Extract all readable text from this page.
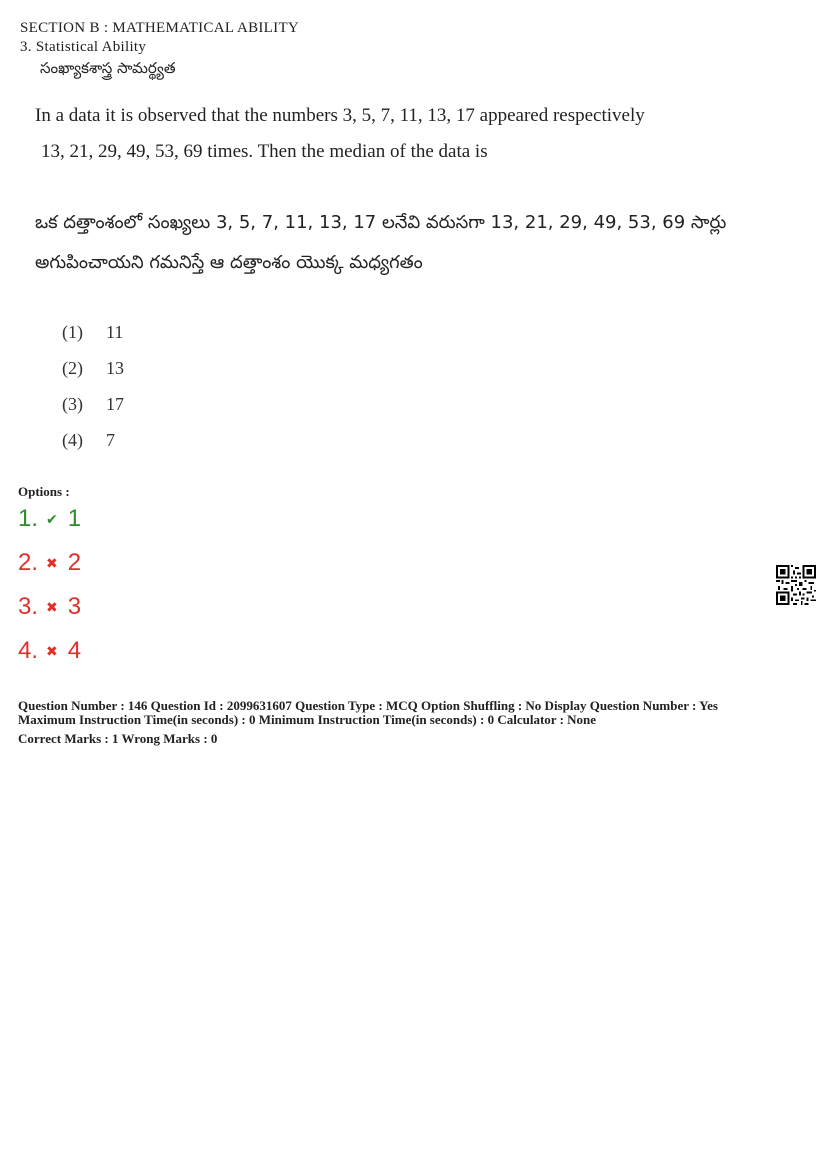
SECTION B : MATHEMATICAL ABILITY
3. Statistical Ability
సంఖ్యాకశాస్త్ర సామర్థ్యత
In a data it is observed that the numbers 3, 5, 7, 11, 13, 17 appeared respectively
13, 21, 29, 49, 53, 69 times. Then the median of the data is
ఒక దత్తాంశంలో సంఖ్యలు 3, 5, 7, 11, 13, 17 లనేవి వరుసగా 13, 21, 29, 49, 53, 69 సార్లు
అగుపించాయని గమనిస్తే ఆ దత్తాంశం యొక్క మధ్యగతం
(1) 11
(2) 13
(3) 17
(4) 7
Options :
1. ✔ 1
2. ✖ 2
3. ✖ 3
4. ✖ 4
Question Number : 146 Question Id : 2099631607 Question Type : MCQ Option Shuffling : No Display Question Number : Yes
Maximum Instruction Time(in seconds) : 0 Minimum Instruction Time(in seconds) : 0 Calculator : None
Correct Marks : 1 Wrong Marks : 0
